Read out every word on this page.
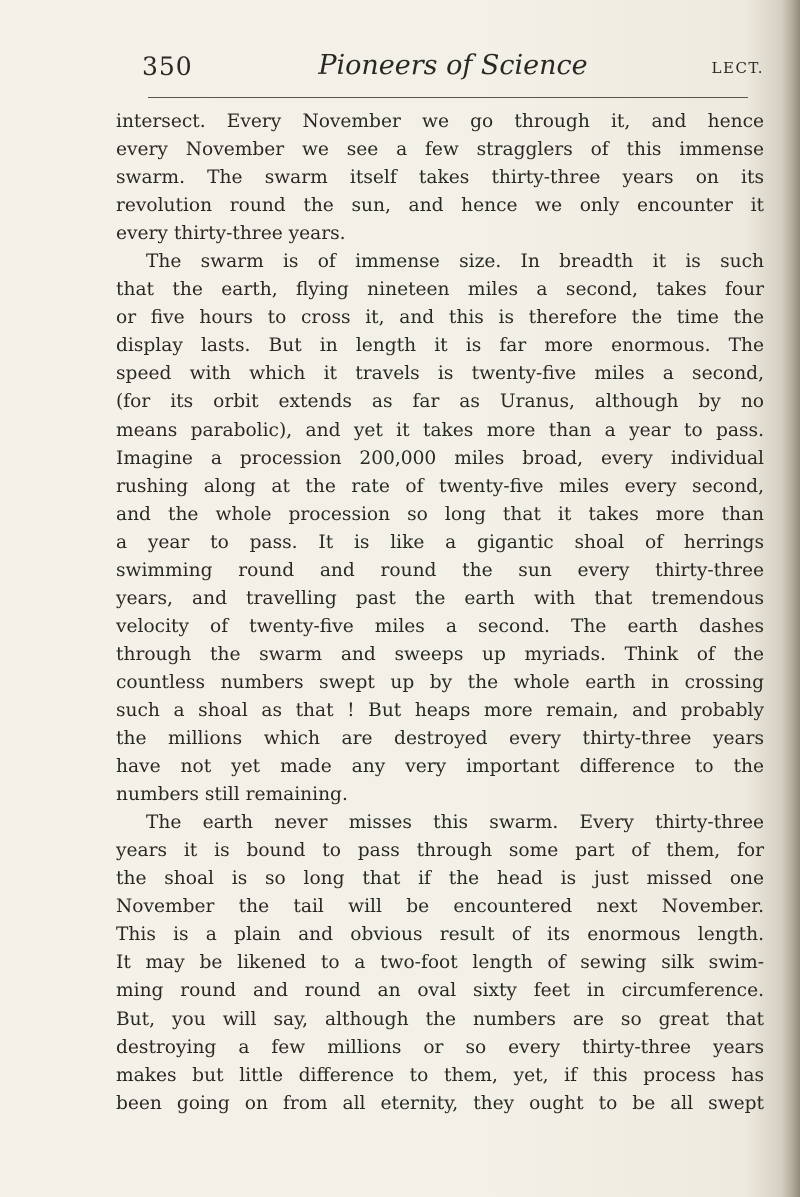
350	Pioneers of Science	LECT.
intersect. Every November we go through it, and hence
every November we see a few stragglers of this immense
swarm. The swarm itself takes thirty-three years on its
revolution round the sun, and hence we only encounter it
every thirty-three years.
The swarm is of immense size. In breadth it is such
that the earth, flying nineteen miles a second, takes four
or five hours to cross it, and this is therefore the time the
display lasts. But in length it is far more enormous. The
speed with which it travels is twenty-five miles a second,
(for its orbit extends as far as Uranus, although by no
means parabolic), and yet it takes more than a year to pass.
Imagine a procession 200,000 miles broad, every individual
rushing along at the rate of twenty-five miles every second,
and the whole procession so long that it takes more than
a year to pass. It is like a gigantic shoal of herrings
swimming round and round the sun every thirty-three
years, and travelling past the earth with that tremendous
velocity of twenty-five miles a second. The earth dashes
through the swarm and sweeps up myriads. Think of the
countless numbers swept up by the whole earth in crossing
such a shoal as that ! But heaps more remain, and probably
the millions which are destroyed every thirty-three years
have not yet made any very important difference to the
numbers still remaining.
The earth never misses this swarm. Every thirty-three
years it is bound to pass through some part of them, for
the shoal is so long that if the head is just missed one
November the tail will be encountered next November.
This is a plain and obvious result of its enormous length.
It may be likened to a two-foot length of sewing silk swim-
ming round and round an oval sixty feet in circumference.
But, you will say, although the numbers are so great that
destroying a few millions or so every thirty-three years
makes but little difference to them, yet, if this process has
been going on from all eternity, they ought to be all swept
